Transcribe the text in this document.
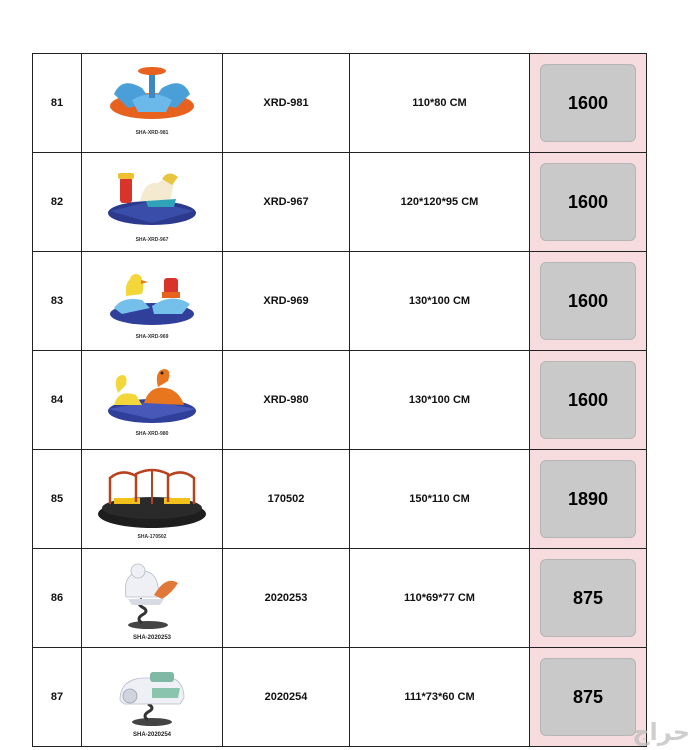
81	SHA-XRD-981	XRD-981	110*80 CM	1600

82	SHA-XRD-967	XRD-967	120*120*95 CM	1600

83	SHA-XRD-969	XRD-969	130*100 CM	1600

84	SHA-XRD-980	XRD-980	130*100 CM	1600

85	SHA-170502	170502	150*110 CM	1890

86	SHA-2020253	2020253	110*69*77 CM	875

87	SHA-2020254	2020254	111*73*60 CM	875
حراج
